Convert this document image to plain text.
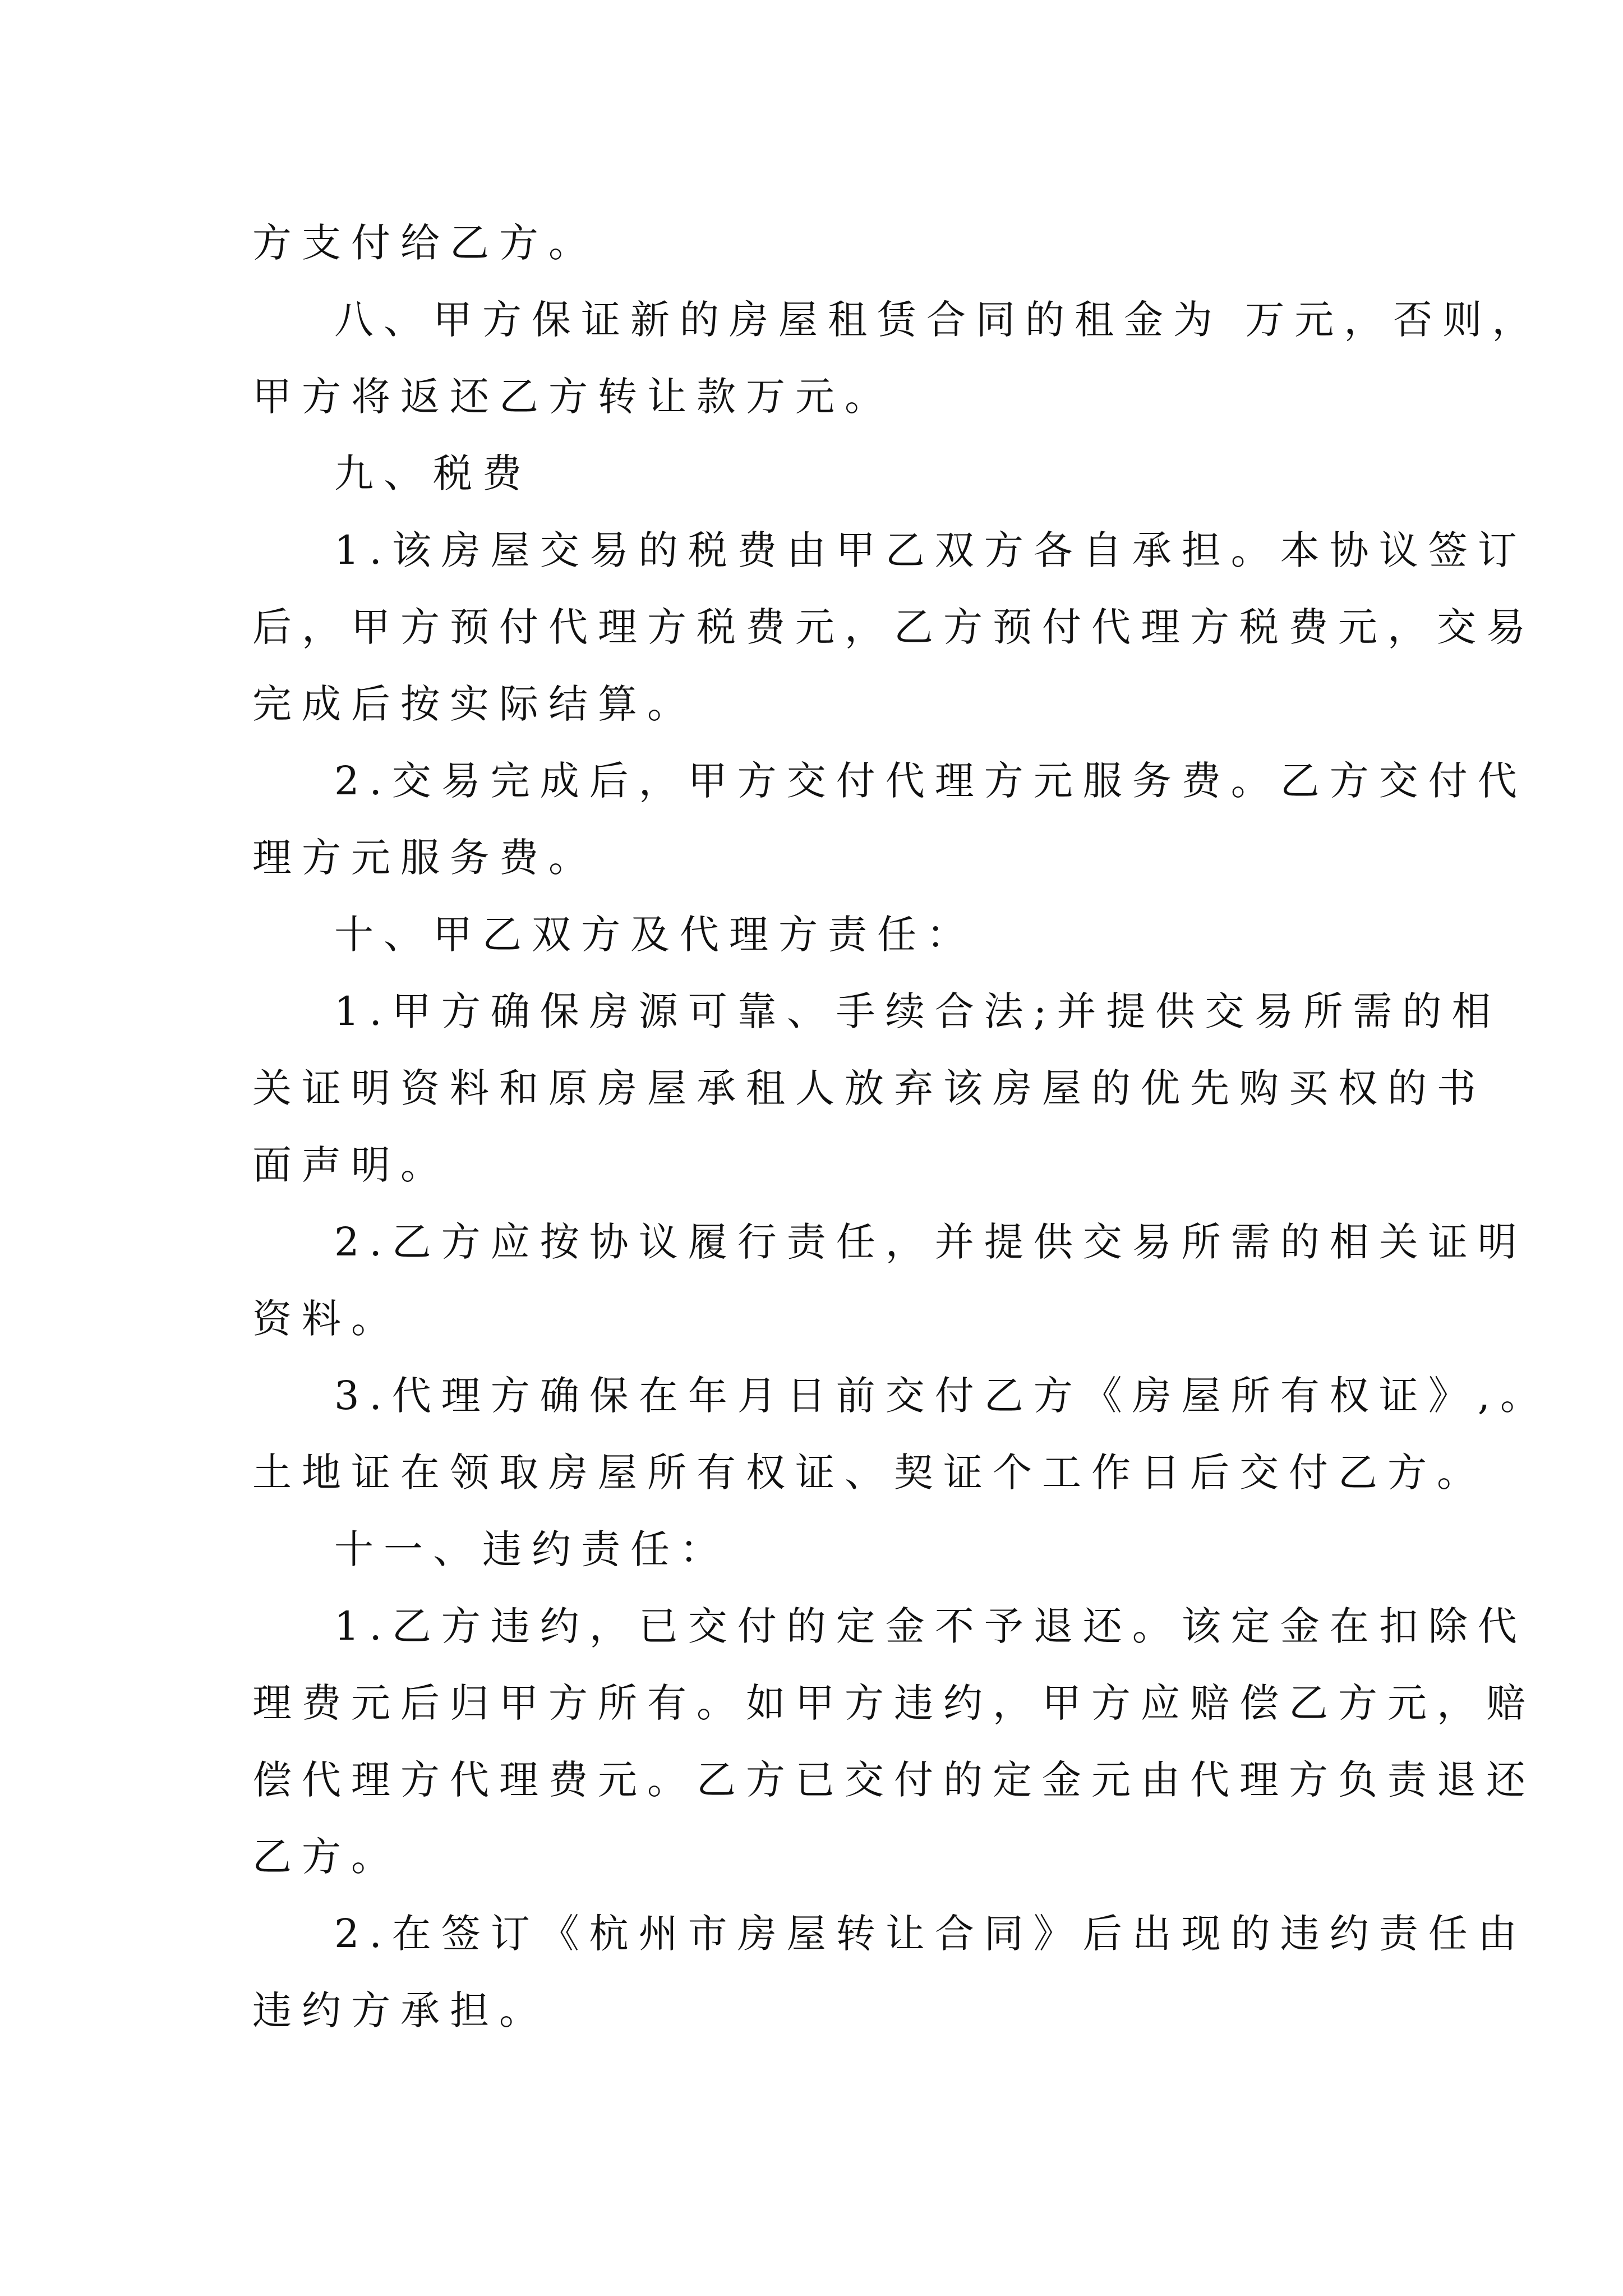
方支付给乙方。
八、甲方保证新的房屋租赁合同的租金为 万元，否则，
甲方将返还乙方转让款万元。
九、税费
1.该房屋交易的税费由甲乙双方各自承担。本协议签订
后，甲方预付代理方税费元，乙方预付代理方税费元，交易
完成后按实际结算。
2.交易完成后，甲方交付代理方元服务费。乙方交付代
理方元服务费。
十、甲乙双方及代理方责任：
1.甲方确保房源可靠、手续合法;并提供交易所需的相
关证明资料和原房屋承租人放弃该房屋的优先购买权的书
面声明。
2.乙方应按协议履行责任，并提供交易所需的相关证明
资料。
3.代理方确保在年月日前交付乙方《房屋所有权证》,。
土地证在领取房屋所有权证、契证个工作日后交付乙方。
十一、违约责任：
1.乙方违约，已交付的定金不予退还。该定金在扣除代
理费元后归甲方所有。如甲方违约，甲方应赔偿乙方元，赔
偿代理方代理费元。乙方已交付的定金元由代理方负责退还
乙方。
2.在签订《杭州市房屋转让合同》后出现的违约责任由
违约方承担。
